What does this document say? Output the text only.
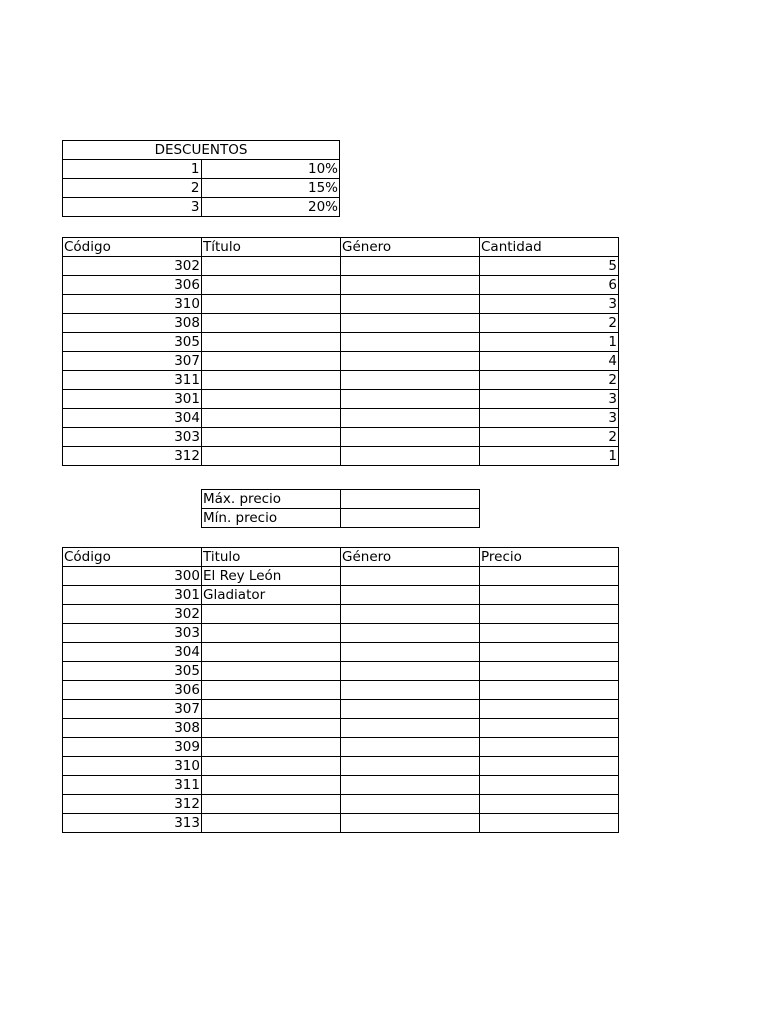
DESCUENTOS	
1	10%
2	15%
3	20%
Código	Título	Género	Cantidad
302			5
306			6
310			3
308			2
305			1
307			4
311			2
301			3
304			3
303			2
312			1
Máx. precio	
Mín. precio	
Código	Titulo	Género	Precio
300	El Rey León		
301	Gladiator		
302			
303			
304			
305			
306			
307			
308			
309			
310			
311			
312			
313			
